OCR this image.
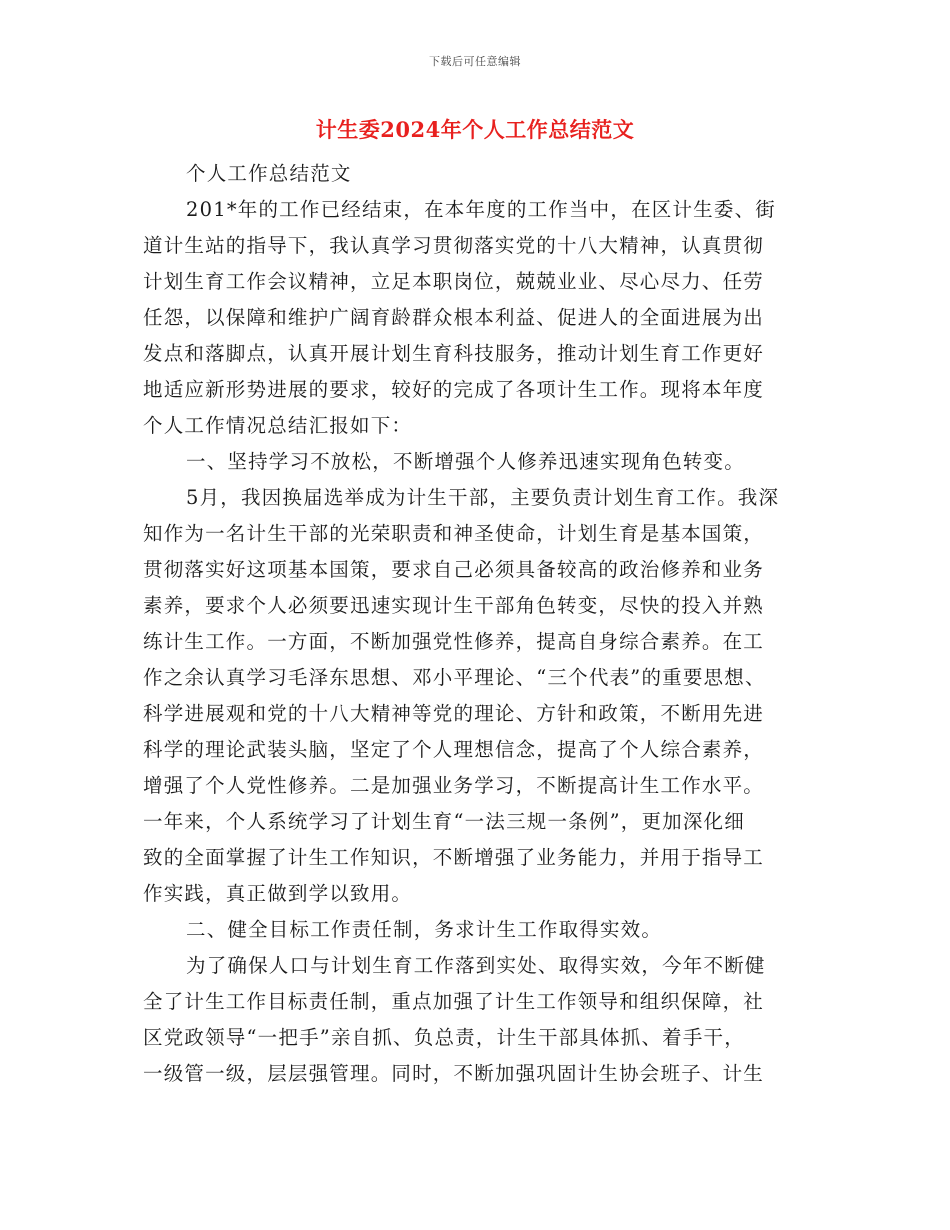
下载后可任意编辑
计生委2024年个人工作总结范文
个人工作总结范文
201*年的工作已经结束，在本年度的工作当中，在区计生委、街
道计生站的指导下，我认真学习贯彻落实党的十八大精神，认真贯彻
计划生育工作会议精神，立足本职岗位，兢兢业业、尽心尽力、任劳
任怨，以保障和维护广阔育龄群众根本利益、促进人的全面进展为出
发点和落脚点，认真开展计划生育科技服务，推动计划生育工作更好
地适应新形势进展的要求，较好的完成了各项计生工作。现将本年度
个人工作情况总结汇报如下：
一、坚持学习不放松，不断增强个人修养迅速实现角色转变。
5月，我因换届选举成为计生干部，主要负责计划生育工作。我深
知作为一名计生干部的光荣职责和神圣使命，计划生育是基本国策，
贯彻落实好这项基本国策，要求自己必须具备较高的政治修养和业务
素养，要求个人必须要迅速实现计生干部角色转变，尽快的投入并熟
练计生工作。一方面，不断加强党性修养，提高自身综合素养。在工
作之余认真学习毛泽东思想、邓小平理论、“三个代表”的重要思想、
科学进展观和党的十八大精神等党的理论、方针和政策，不断用先进
科学的理论武装头脑，坚定了个人理想信念，提高了个人综合素养，
增强了个人党性修养。二是加强业务学习，不断提高计生工作水平。
一年来，个人系统学习了计划生育“一法三规一条例”，更加深化细
致的全面掌握了计生工作知识，不断增强了业务能力，并用于指导工
作实践，真正做到学以致用。
二、健全目标工作责任制，务求计生工作取得实效。
为了确保人口与计划生育工作落到实处、取得实效，今年不断健
全了计生工作目标责任制，重点加强了计生工作领导和组织保障，社
区党政领导“一把手”亲自抓、负总责，计生干部具体抓、着手干，
一级管一级，层层强管理。同时，不断加强巩固计生协会班子、计生
